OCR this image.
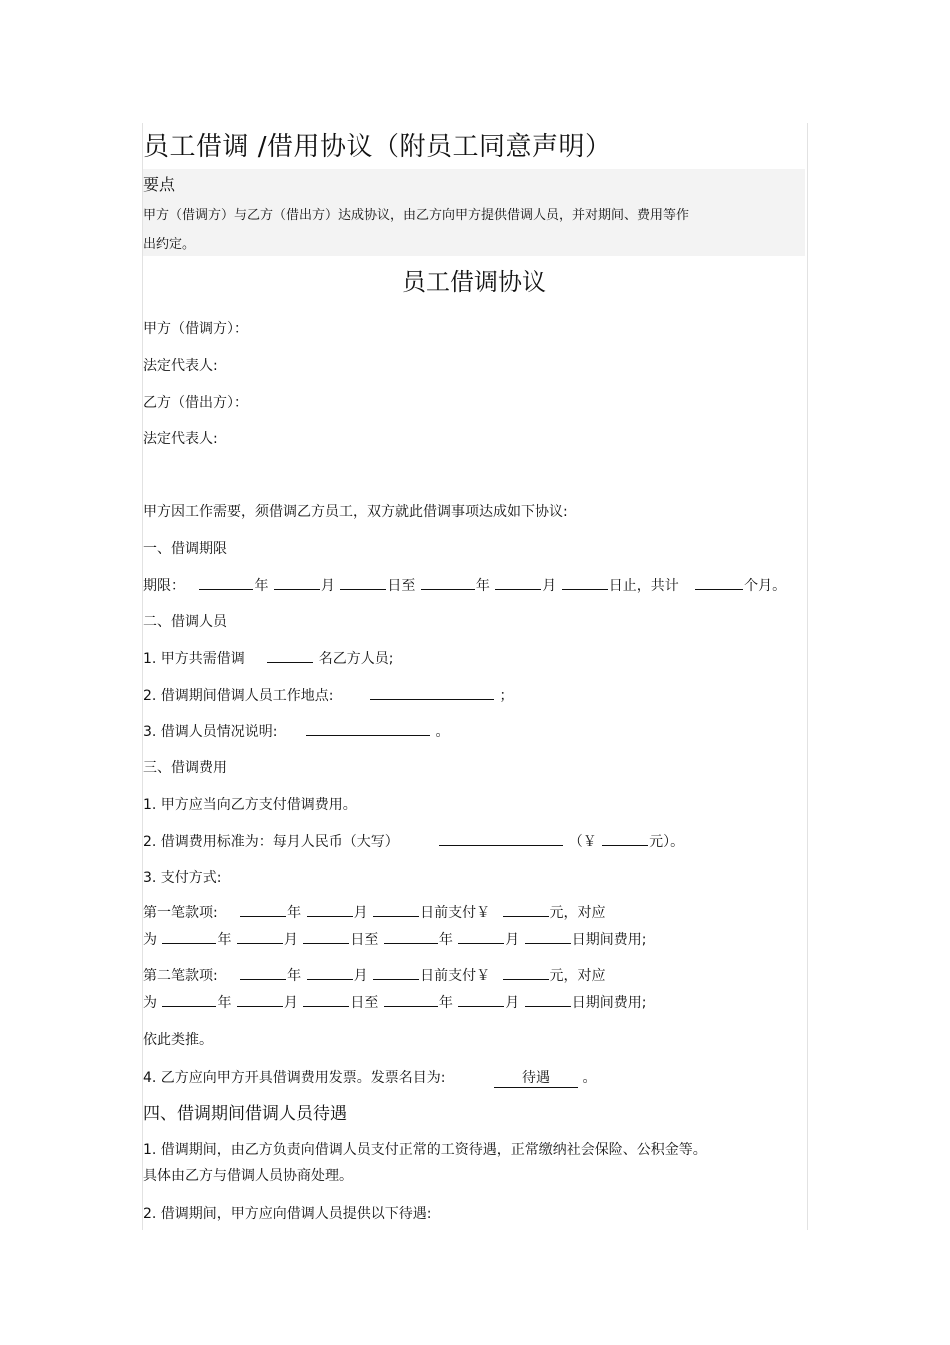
员工借调 /借用协议（附员工同意声明）
要点
甲方（借调方）与乙方（借出方）达成协议，由乙方向甲方提供借调人员，并对期间、费用等作
出约定。
员工借调协议
甲方（借调方）：
法定代表人:
乙方（借出方）：
法定代表人:
甲方因工作需要，须借调乙方员工，双方就此借调事项达成如下协议:
一、借调期限
期限：	年	月	日至	年	月	日止，共计	个月。
二、借调人员
1. 甲方共需借调	名乙方人员;
2. 借调期间借调人员工作地点:	；
3. 借调人员情况说明:	。
三、借调费用
1. 甲方应当向乙方支付借调费用。
2. 借调费用标准为：每月人民币（大写）	（￥	元）。
3. 支付方式:
第一笔款项:	年	月	日前支付￥	元，对应
为	年	月	日至	年	月	日期间费用;
第二笔款项:	年	月	日前支付￥	元，对应
为	年	月	日至	年	月	日期间费用;
依此类推。
4. 乙方应向甲方开具借调费用发票。发票名目为:	待遇 。
四、借调期间借调人员待遇
1. 借调期间，由乙方负责向借调人员支付正常的工资待遇，正常缴纳社会保险、公积金等。
具体由乙方与借调人员协商处理。
2. 借调期间，甲方应向借调人员提供以下待遇:
